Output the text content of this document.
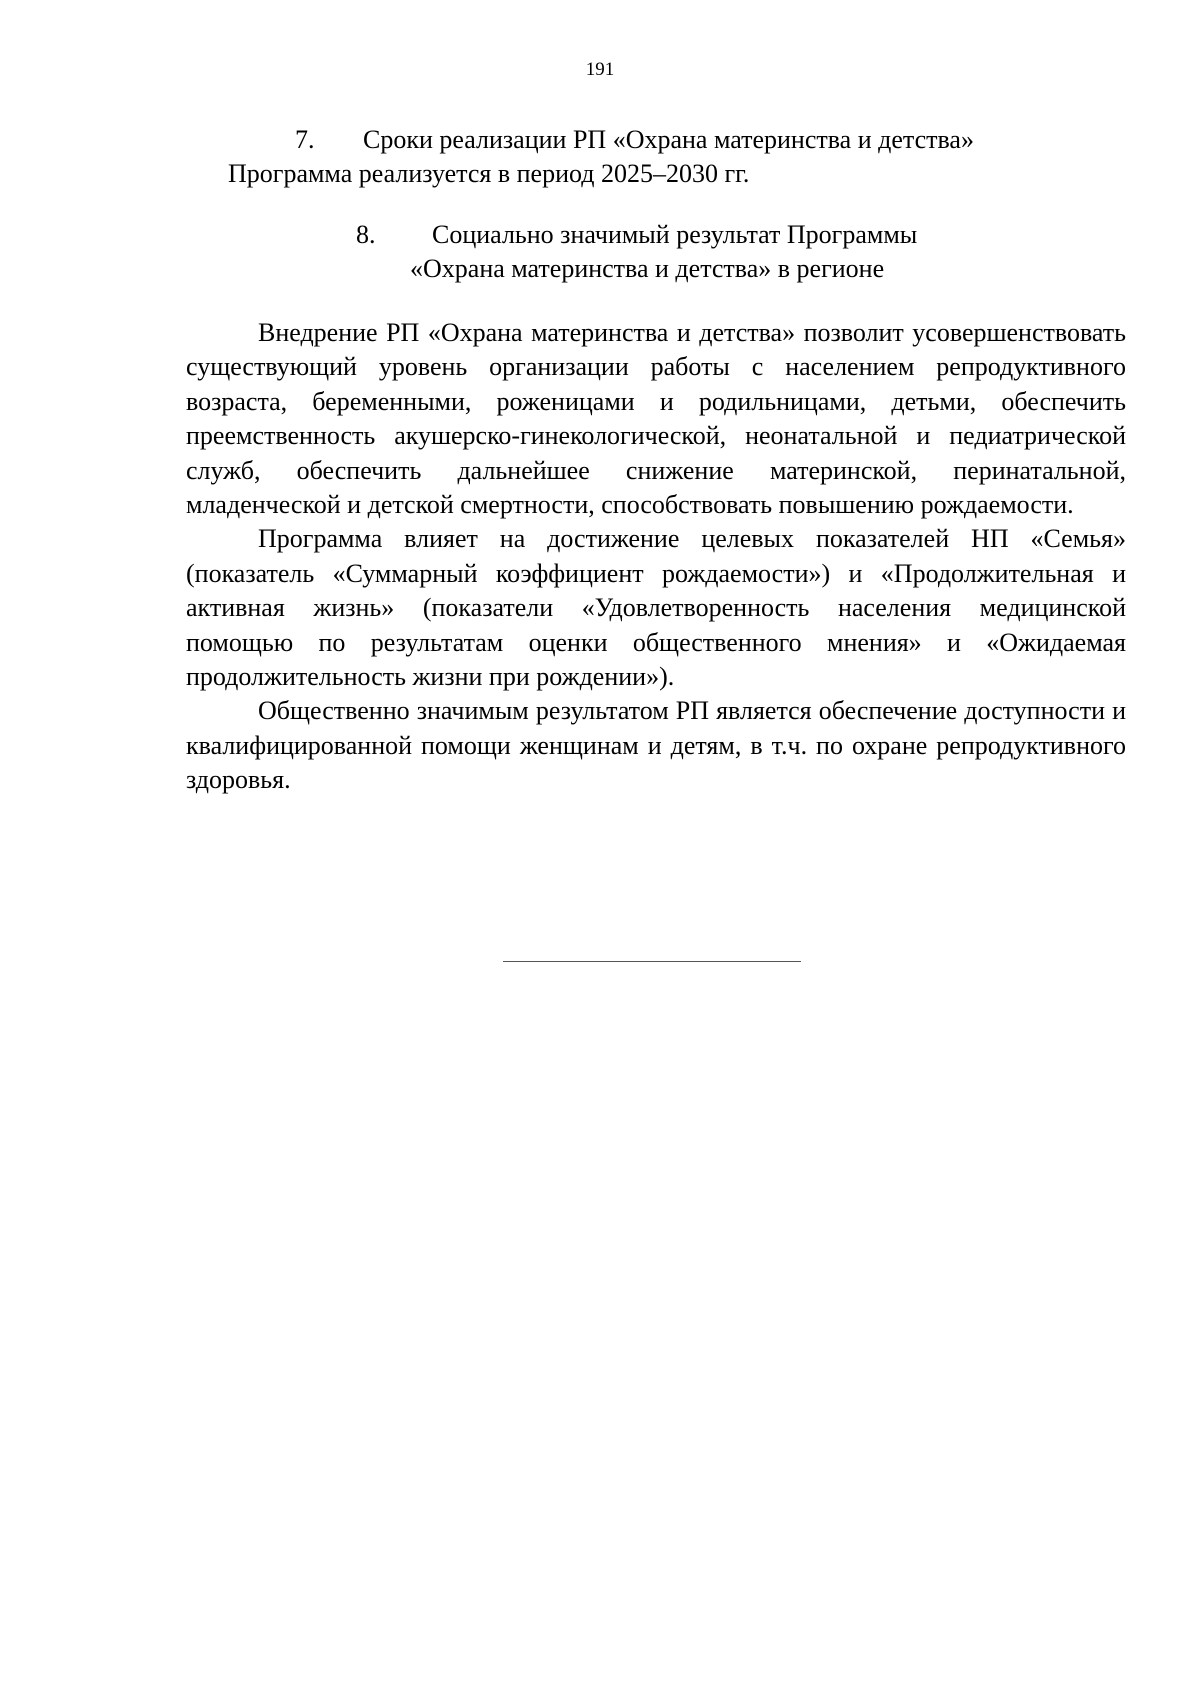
191
7. Сроки реализации РП «Охрана материнства и детства»
Программа реализуется в период 2025–2030 гг.
8. Социально значимый результат Программы
«Охрана материнства и детства» в регионе

Внедрение РП «Охрана материнства и детства» позволит усовершенствовать существующий уровень организации работы с населением репродуктивного возраста, беременными, роженицами и родильницами, детьми, обеспечить преемственность акушерско-гинекологической, неонатальной и педиатрической служб, обеспечить дальнейшее снижение материнской, перинатальной, младенческой и детской смертности, способствовать повышению рождаемости.

Программа влияет на достижение целевых показателей НП «Семья» (показатель «Суммарный коэффициент рождаемости») и «Продолжительная и активная жизнь» (показатели «Удовлетворенность населения медицинской помощью по результатам оценки общественного мнения» и «Ожидаемая продолжительность жизни при рождении»).

Общественно значимым результатом РП является обеспечение доступности и квалифицированной помощи женщинам и детям, в т.ч. по охране репродуктивного здоровья.
